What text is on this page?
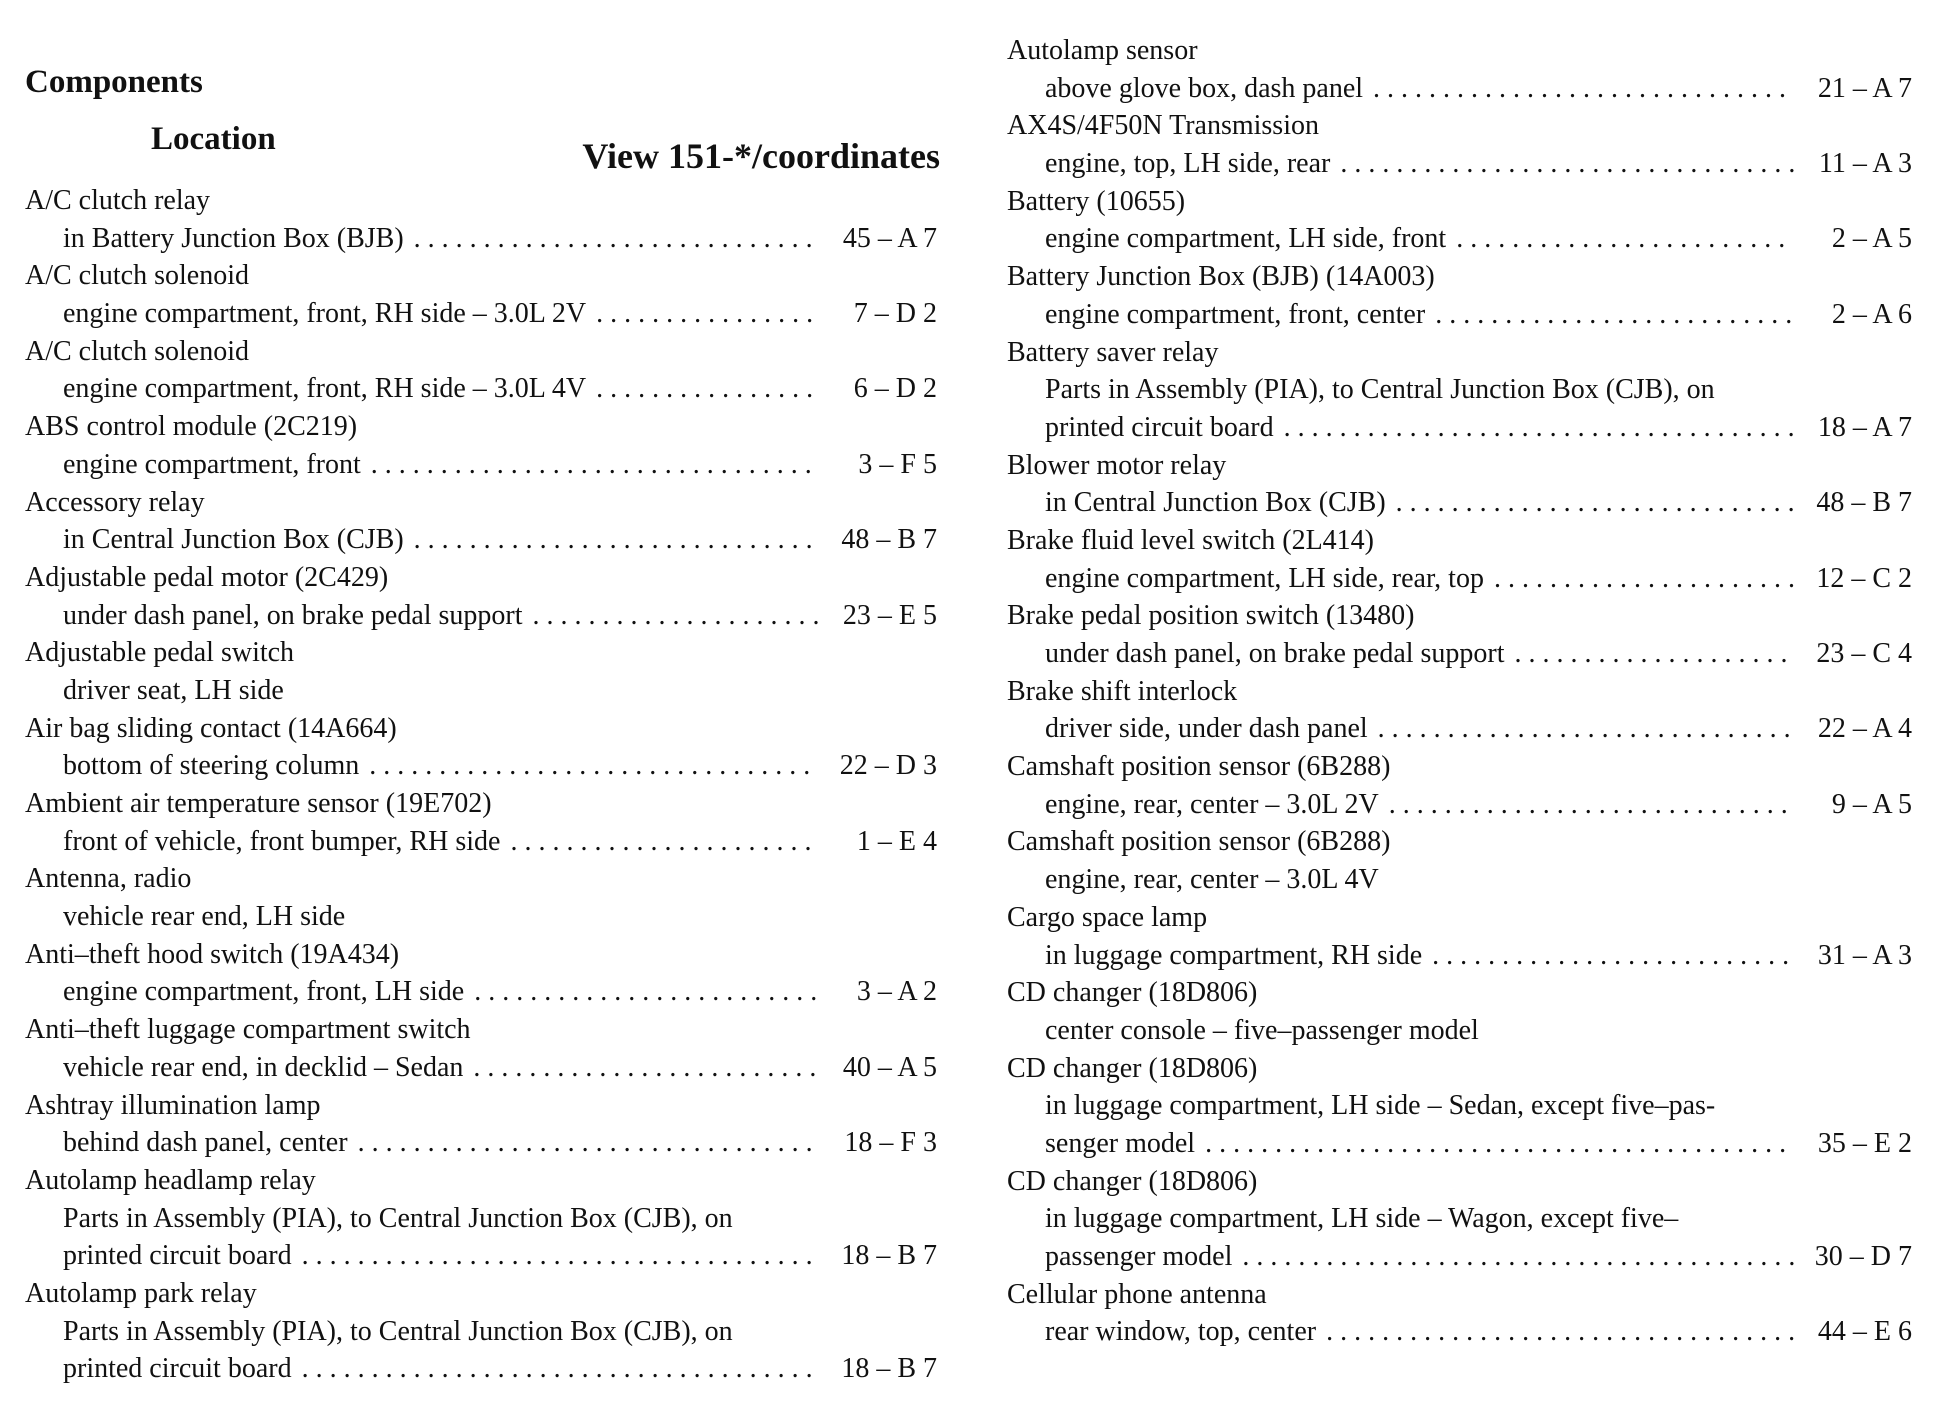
Components
Location	View 151-*/coordinates
A/C clutch relay
in Battery Junction Box (BJB) . . .	45 – A 7
A/C clutch solenoid
engine compartment, front, RH side – 3.0L 2V . . .	7 – D 2
A/C clutch solenoid
engine compartment, front, RH side – 3.0L 4V . . .	6 – D 2
ABS control module (2C219)
engine compartment, front . . .	3 – F 5
Accessory relay
in Central Junction Box (CJB) . . .	48 – B 7
Adjustable pedal motor (2C429)
under dash panel, on brake pedal support . . .	23 – E 5
Adjustable pedal switch
driver seat, LH side
Air bag sliding contact (14A664)
bottom of steering column . . .	22 – D 3
Ambient air temperature sensor (19E702)
front of vehicle, front bumper, RH side . . .	1 – E 4
Antenna, radio
vehicle rear end, LH side
Anti–theft hood switch (19A434)
engine compartment, front, LH side . . .	3 – A 2
Anti–theft luggage compartment switch
vehicle rear end, in decklid – Sedan . . .	40 – A 5
Ashtray illumination lamp
behind dash panel, center . . .	18 – F 3
Autolamp headlamp relay
Parts in Assembly (PIA), to Central Junction Box (CJB), on
printed circuit board . . .	18 – B 7
Autolamp park relay
Parts in Assembly (PIA), to Central Junction Box (CJB), on
printed circuit board . . .	18 – B 7
Autolamp sensor
above glove box, dash panel . . .	21 – A 7
AX4S/4F50N Transmission
engine, top, LH side, rear . . .	11 – A 3
Battery (10655)
engine compartment, LH side, front . . .	2 – A 5
Battery Junction Box (BJB) (14A003)
engine compartment, front, center . . .	2 – A 6
Battery saver relay
Parts in Assembly (PIA), to Central Junction Box (CJB), on
printed circuit board . . .	18 – A 7
Blower motor relay
in Central Junction Box (CJB) . . .	48 – B 7
Brake fluid level switch (2L414)
engine compartment, LH side, rear, top . . .	12 – C 2
Brake pedal position switch (13480)
under dash panel, on brake pedal support . . .	23 – C 4
Brake shift interlock
driver side, under dash panel . . .	22 – A 4
Camshaft position sensor (6B288)
engine, rear, center – 3.0L 2V . . .	9 – A 5
Camshaft position sensor (6B288)
engine, rear, center – 3.0L 4V
Cargo space lamp
in luggage compartment, RH side . . .	31 – A 3
CD changer (18D806)
center console – five–passenger model
CD changer (18D806)
in luggage compartment, LH side – Sedan, except five–pas-
senger model . . .	35 – E 2
CD changer (18D806)
in luggage compartment, LH side – Wagon, except five–
passenger model . . .	30 – D 7
Cellular phone antenna
rear window, top, center . . .	44 – E 6
